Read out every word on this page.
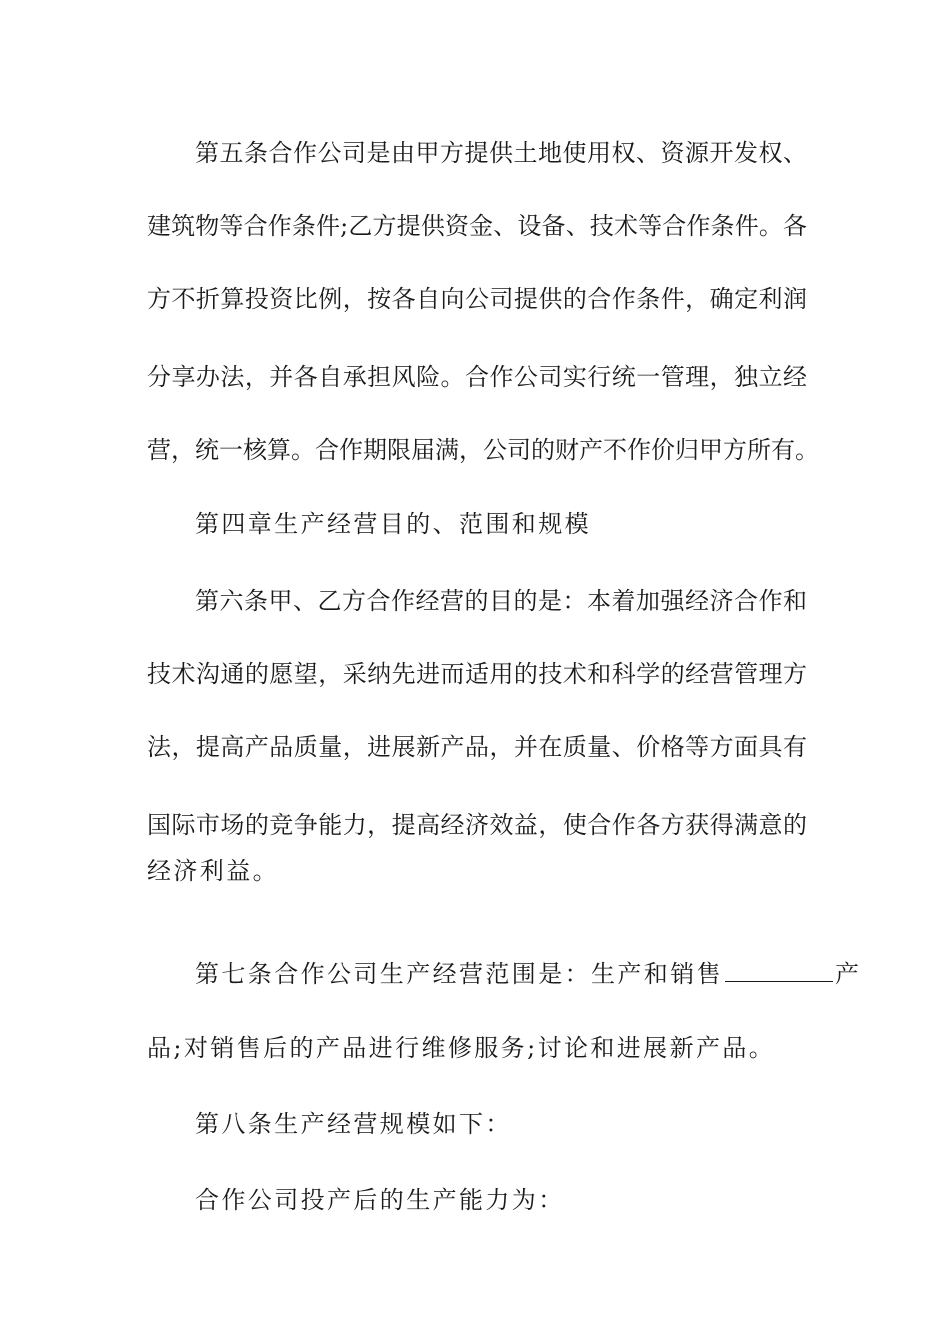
第五条合作公司是由甲方提供土地使用权、资源开发权、
建筑物等合作条件;乙方提供资金、设备、技术等合作条件。各
方不折算投资比例，按各自向公司提供的合作条件，确定利润
分享办法，并各自承担风险。合作公司实行统一管理，独立经
营，统一核算。合作期限届满，公司的财产不作价归甲方所有。
第四章生产经营目的、范围和规模
第六条甲、乙方合作经营的目的是：本着加强经济合作和
技术沟通的愿望，采纳先进而适用的技术和科学的经营管理方
法，提高产品质量，进展新产品，并在质量、价格等方面具有
国际市场的竞争能力，提高经济效益，使合作各方获得满意的
经济利益。
第七条合作公司生产经营范围是：生产和销售	产
品;对销售后的产品进行维修服务;讨论和进展新产品。
第八条生产经营规模如下：
合作公司投产后的生产能力为：
